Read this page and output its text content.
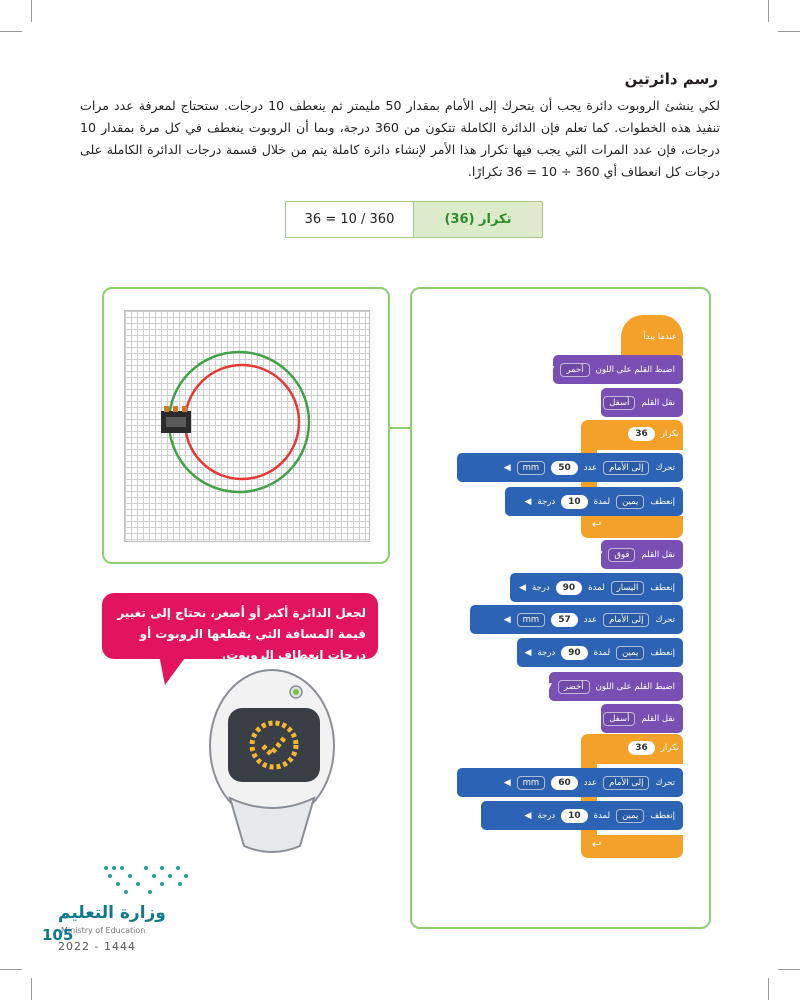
رسم دائرتين
لكي ينشئ الروبوت دائرة يجب أن يتحرك إلى الأمام بمقدار 50 مليمتر ثم ينعطف 10 درجات. ستحتاج لمعرفة عدد مرات تنفيذ هذه الخطوات. كما تعلم فإن الدائرة الكاملة تتكون من 360 درجة، وبما أن الروبوت ينعطف في كل مرة بمقدار 10 درجات، فإن عدد المرات التي يجب فيها تكرار هذا الأمر لإنشاء دائرة كاملة يتم من خلال قسمة درجات الدائرة الكاملة على درجات كل انعطاف أي 360 ÷ 10 = 36 تكرارًا.
36 = 10 / 360	تكرار (36)
عندما يبدأ
▼	أحمر	اضبط القلم على اللون
▼	أسفل	نقل القلم
36	تكرار
↩
◀	mm	50	عدد	إلى الأمام	تحرك
◀ درجة	10	لمدة	يمين	إنعطف
▼	فوق	نقل القلم
◀ درجة	90	لمدة	اليسار	إنعطف
◀	mm	57	عدد	إلى الأمام	تحرك
◀ درجة	90	لمدة	يمين	إنعطف
▼	أخضر	اضبط القلم على اللون
▼	أسفل	نقل القلم
36	تكرار
↩
◀	mm	60	عدد	إلى الأمام	تحرك
◀ درجة	10	لمدة	يمين	إنعطف
لجعل الدائرة أكبر أو أصغر، نحتاج إلى تغيير قيمة المسافة التي يقطعها الروبوت أو درجات انعطاف الروبوت.
وزارة التعليم
Ministry of Education
105
2022 - 1444
